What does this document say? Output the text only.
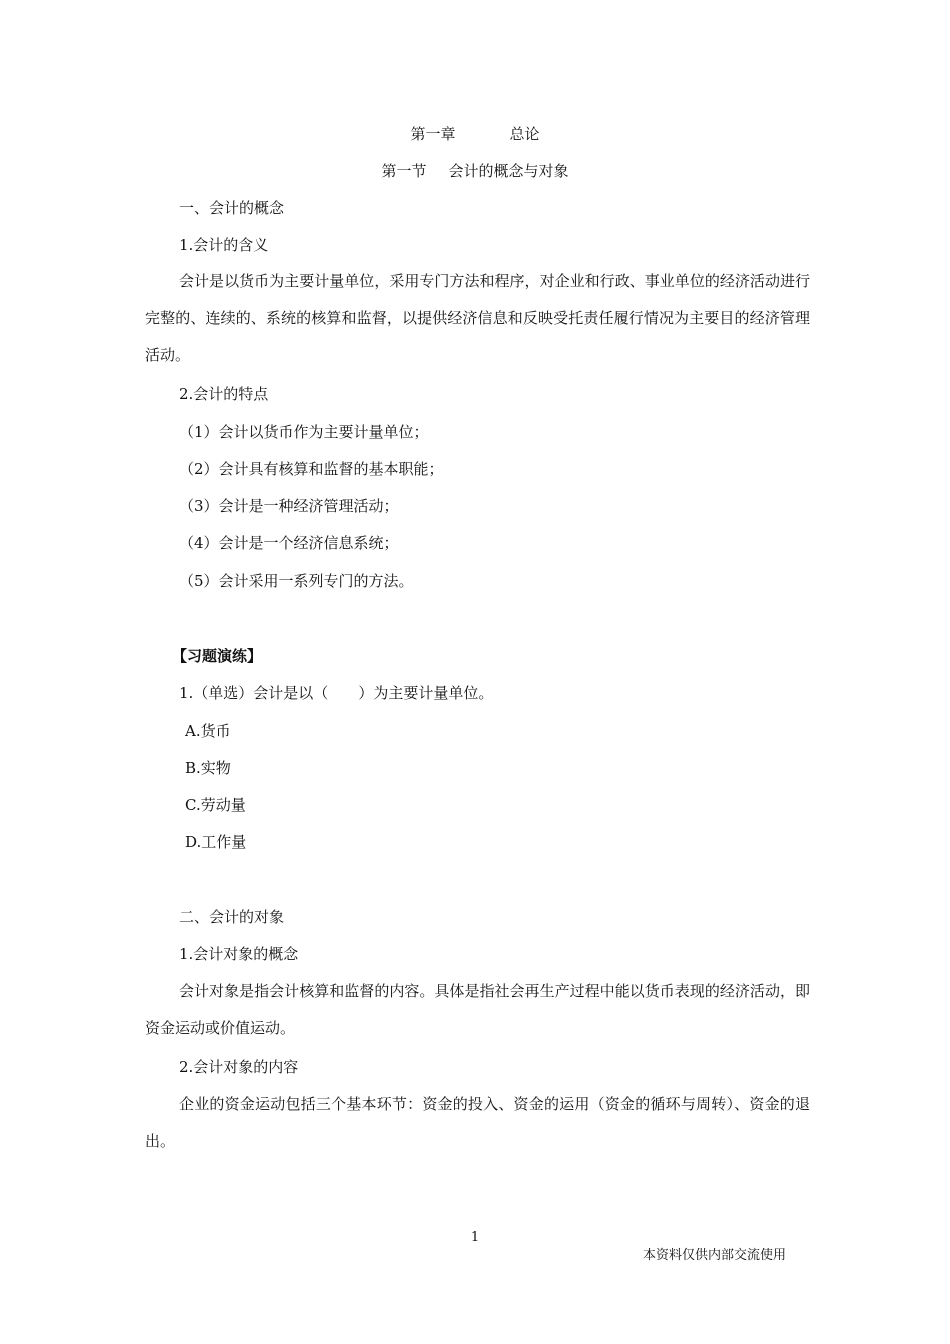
第一章	总论
第一节 会计的概念与对象
一、会计的概念
1.会计的含义
会计是以货币为主要计量单位，采用专门方法和程序，对企业和行政、事业单位的经济活动进行完整的、连续的、系统的核算和监督，以提供经济信息和反映受托责任履行情况为主要目的经济管理活动。
2.会计的特点
（1）会计以货币作为主要计量单位；
（2）会计具有核算和监督的基本职能；
（3）会计是一种经济管理活动；
（4）会计是一个经济信息系统；
（5）会计采用一系列专门的方法。
【习题演练】
1.（单选）会计是以（　　）为主要计量单位。
A.货币
B.实物
C.劳动量
D.工作量
二、会计的对象
1.会计对象的概念
会计对象是指会计核算和监督的内容。具体是指社会再生产过程中能以货币表现的经济活动，即资金运动或价值运动。
2.会计对象的内容
企业的资金运动包括三个基本环节：资金的投入、资金的运用（资金的循环与周转）、资金的退出。
1
本资料仅供内部交流使用
